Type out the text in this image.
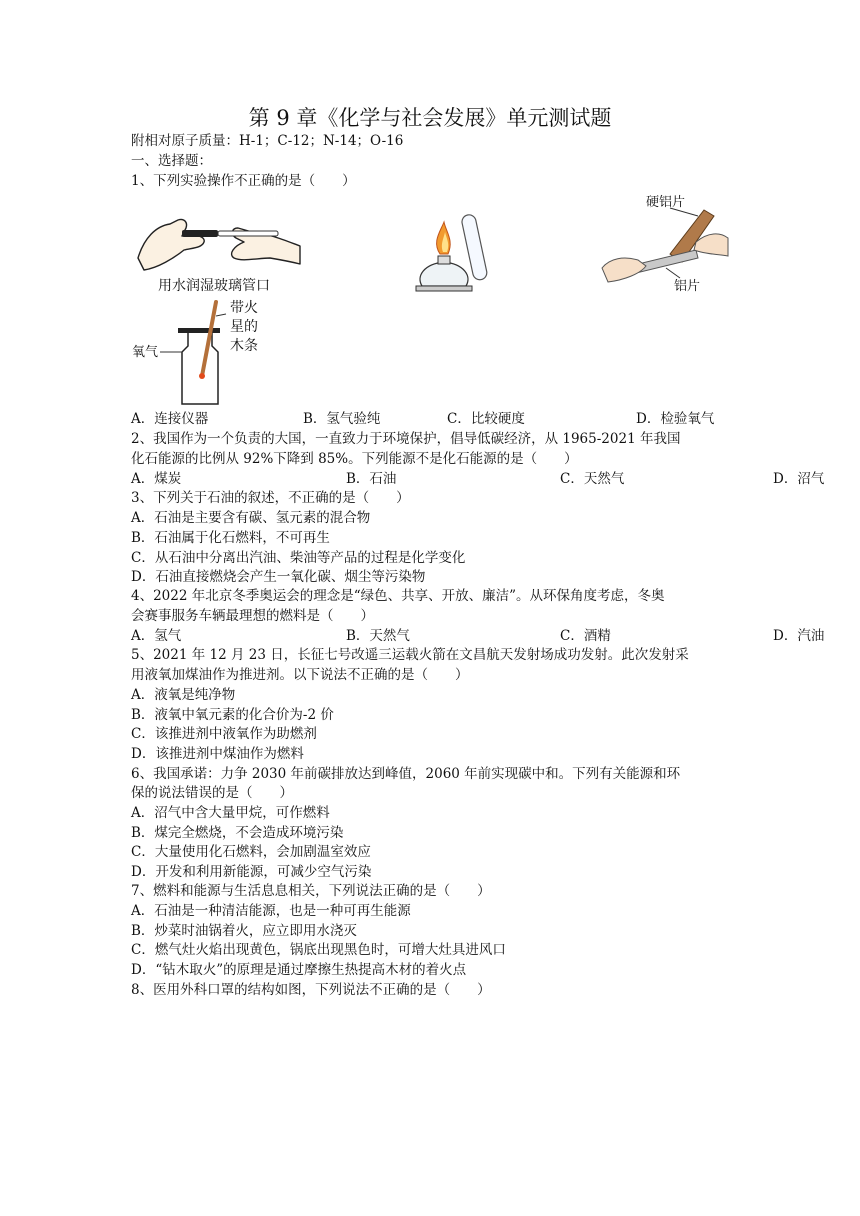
第 9 章《化学与社会发展》单元测试题
附相对原子质量：H-1；C-12；N-14；O-16
一、选择题：
1、下列实验操作不正确的是（　　）
用水润湿玻璃管口
硬铝片
铝片
带火
星的
木条
氧气
A．连接仪器	B．氢气验纯	C．比较硬度	D．检验氧气
2、我国作为一个负责的大国，一直致力于环境保护，倡导低碳经济，从 1965-2021 年我国
化石能源的比例从 92%下降到 85%。下列能源不是化石能源的是（　　）
A．煤炭	B．石油	C．天然气	D．沼气
3、下列关于石油的叙述，不正确的是（　　）
A．石油是主要含有碳、氢元素的混合物
B．石油属于化石燃料，不可再生
C．从石油中分离出汽油、柴油等产品的过程是化学变化
D．石油直接燃烧会产生一氧化碳、烟尘等污染物
4、2022 年北京冬季奥运会的理念是“绿色、共享、开放、廉洁”。从环保角度考虑，冬奥
会赛事服务车辆最理想的燃料是（　　）
A．氢气	B．天然气	C．酒精	D．汽油
5、2021 年 12 月 23 日，长征七号改遥三运载火箭在文昌航天发射场成功发射。此次发射采
用液氧加煤油作为推进剂。以下说法不正确的是（　　）
A．液氧是纯净物
B．液氧中氧元素的化合价为-2 价
C．该推进剂中液氧作为助燃剂
D．该推进剂中煤油作为燃料
6、我国承诺：力争 2030 年前碳排放达到峰值，2060 年前实现碳中和。下列有关能源和环
保的说法错误的是（　　）
A．沼气中含大量甲烷，可作燃料
B．煤完全燃烧，不会造成环境污染
C．大量使用化石燃料，会加剧温室效应
D．开发和利用新能源，可减少空气污染
7、燃料和能源与生活息息相关，下列说法正确的是（　　）
A．石油是一种清洁能源，也是一种可再生能源
B．炒菜时油锅着火，应立即用水浇灭
C．燃气灶火焰出现黄色，锅底出现黑色时，可增大灶具进风口
D．“钻木取火”的原理是通过摩擦生热提高木材的着火点
8、医用外科口罩的结构如图，下列说法不正确的是（　　）
